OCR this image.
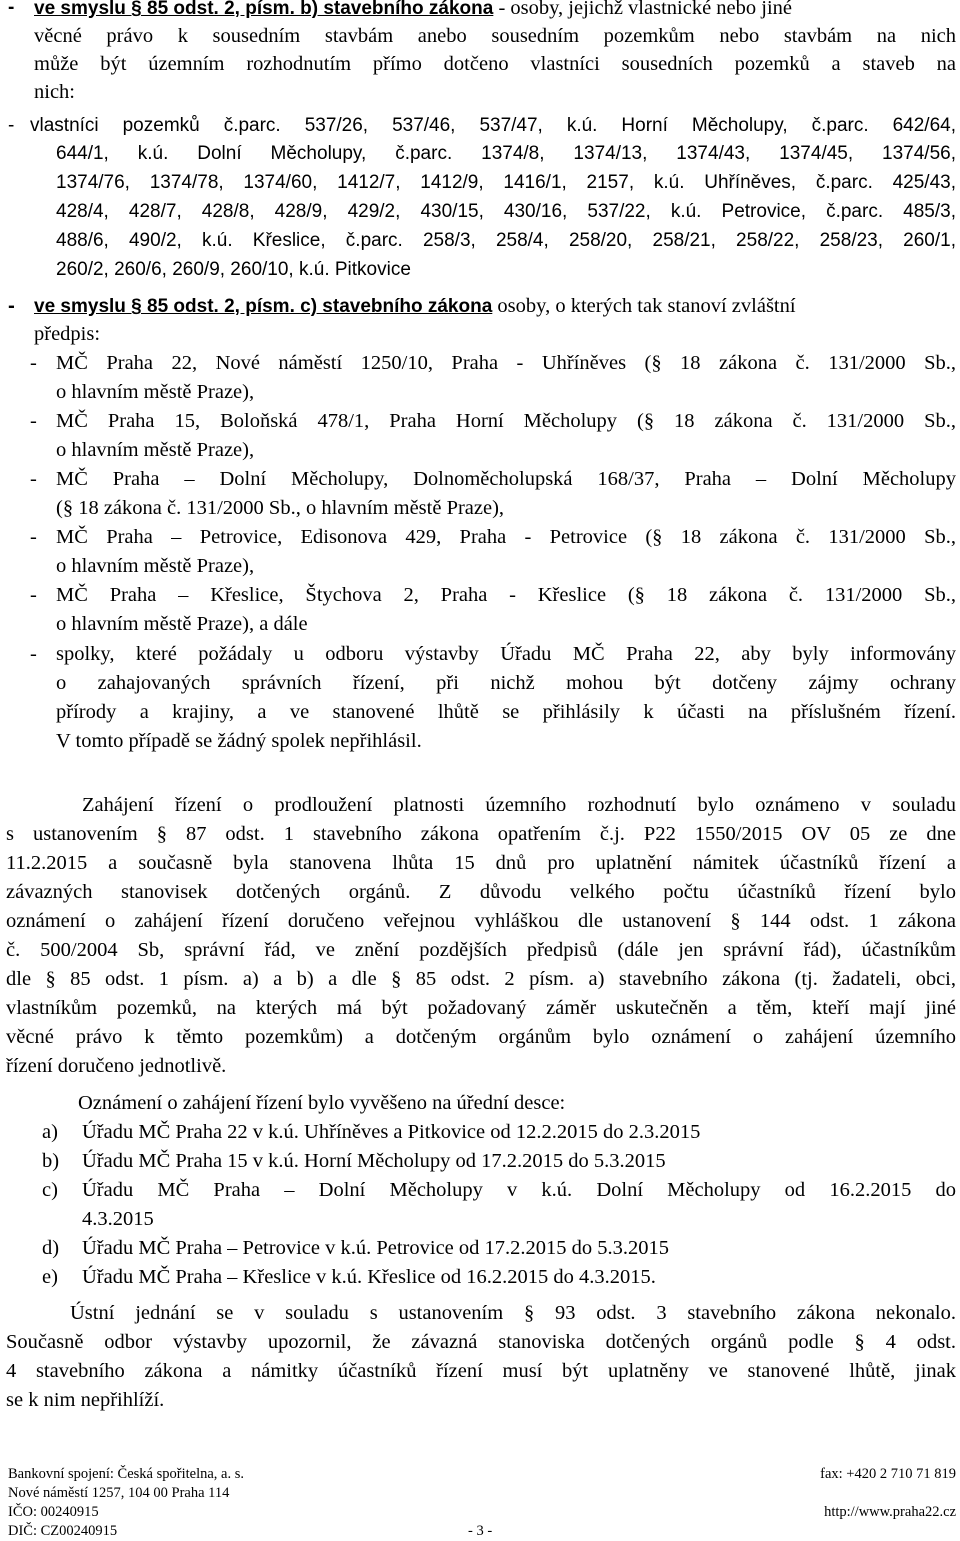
- ve smyslu § 85 odst. 2, písm. b) stavebního zákona - osoby, jejichž vlastnické nebo jiné
věcné právo k sousedním stavbám anebo sousedním pozemkům nebo stavbám na nich
může být územním rozhodnutím přímo dotčeno vlastníci sousedních pozemků a staveb na
nich:
- vlastníci pozemků č.parc. 537/26, 537/46, 537/47, k.ú. Horní Měcholupy, č.parc. 642/64,
644/1, k.ú. Dolní Měcholupy, č.parc. 1374/8, 1374/13, 1374/43, 1374/45, 1374/56,
1374/76, 1374/78, 1374/60, 1412/7, 1412/9, 1416/1, 2157, k.ú. Uhříněves, č.parc. 425/43,
428/4, 428/7, 428/8, 428/9, 429/2, 430/15, 430/16, 537/22, k.ú. Petrovice, č.parc. 485/3,
488/6, 490/2, k.ú. Křeslice, č.parc. 258/3, 258/4, 258/20, 258/21, 258/22, 258/23, 260/1,
260/2, 260/6, 260/9, 260/10, k.ú. Pitkovice
- ve smyslu § 85 odst. 2, písm. c) stavebního zákona osoby, o kterých tak stanoví zvláštní
předpis:
- MČ Praha 22, Nové náměstí 1250/10, Praha - Uhříněves (§ 18 zákona č. 131/2000 Sb.,
o hlavním městě Praze),
- MČ Praha 15, Boloňská 478/1, Praha Horní Měcholupy (§ 18 zákona č. 131/2000 Sb.,
o hlavním městě Praze),
- MČ Praha – Dolní Měcholupy, Dolnoměcholupská 168/37, Praha – Dolní Měcholupy
(§ 18 zákona č. 131/2000 Sb., o hlavním městě Praze),
- MČ Praha – Petrovice, Edisonova 429, Praha - Petrovice (§ 18 zákona č. 131/2000 Sb.,
o hlavním městě Praze),
- MČ Praha – Křeslice, Štychova 2, Praha - Křeslice (§ 18 zákona č. 131/2000 Sb.,
o hlavním městě Praze), a dále
- spolky, které požádaly u odboru výstavby Úřadu MČ Praha 22, aby byly informovány
o zahajovaných správních řízení, při nichž mohou být dotčeny zájmy ochrany
přírody a krajiny, a ve stanovené lhůtě se přihlásily k účasti na příslušném řízení.
V tomto případě se žádný spolek nepřihlásil.
Zahájení řízení o prodloužení platnosti územního rozhodnutí bylo oznámeno v souladu
s ustanovením § 87 odst. 1 stavebního zákona opatřením č.j. P22 1550/2015 OV 05 ze dne
11.2.2015 a současně byla stanovena lhůta 15 dnů pro uplatnění námitek účastníků řízení a
závazných stanovisek dotčených orgánů. Z důvodu velkého počtu účastníků řízení bylo
oznámení o zahájení řízení doručeno veřejnou vyhláškou dle ustanovení § 144 odst. 1 zákona
č. 500/2004 Sb, správní řád, ve znění pozdějších předpisů (dále jen správní řád), účastníkům
dle § 85 odst. 1 písm. a) a b) a dle § 85 odst. 2 písm. a) stavebního zákona (tj. žadateli, obci,
vlastníkům pozemků, na kterých má být požadovaný záměr uskutečněn a těm, kteří mají jiné
věcné právo k těmto pozemkům) a dotčeným orgánům bylo oznámení o zahájení územního
řízení doručeno jednotlivě.
Oznámení o zahájení řízení bylo vyvěšeno na úřední desce:
a) Úřadu MČ Praha 22 v k.ú. Uhříněves a Pitkovice od 12.2.2015 do 2.3.2015
b) Úřadu MČ Praha 15 v k.ú. Horní Měcholupy od 17.2.2015 do 5.3.2015
c) Úřadu MČ Praha – Dolní Měcholupy v k.ú. Dolní Měcholupy od 16.2.2015 do
4.3.2015
d) Úřadu MČ Praha – Petrovice v k.ú. Petrovice od 17.2.2015 do 5.3.2015
e) Úřadu MČ Praha – Křeslice v k.ú. Křeslice od 16.2.2015 do 4.3.2015.
Ústní jednání se v souladu s ustanovením § 93 odst. 3 stavebního zákona nekonalo.
Současně odbor výstavby upozornil, že závazná stanoviska dotčených orgánů podle § 4 odst.
4 stavebního zákona a námitky účastníků řízení musí být uplatněny ve stanovené lhůtě, jinak
se k nim nepřihlíží.
Bankovní spojení: Česká spořitelna, a. s.	fax: +420 2 710 71 819
Nové náměstí 1257, 104 00 Praha 114
IČO: 00240915	http://www.praha22.cz
DIČ: CZ00240915	- 3 -
